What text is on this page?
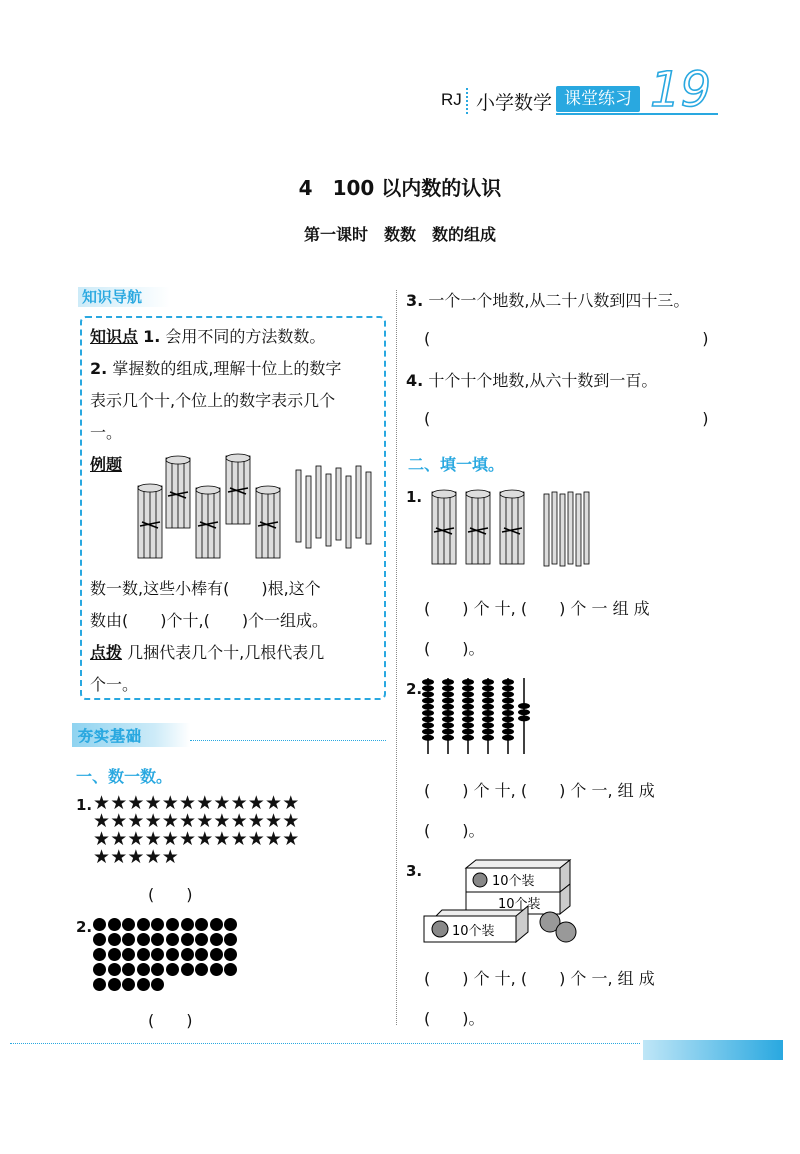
RJ 小学数学 课堂练习 19
4　100 以内数的认识
第一课时　数数　数的组成
知识导航
知识点 1. 会用不同的方法数数。
2. 掌握数的组成,理解十位上的数字
表示几个十,个位上的数字表示几个
一。
例题
数一数,这些小棒有(　　)根,这个
数由(　　)个十,(　　)个一组成。
点拨 几捆代表几个十,几根代表几
个一。
夯实基础
一、数一数。
1. ★ ★ ★ ★ ★ ★ ★ ★ ★ ★ ★ ★
★ ★ ★ ★ ★ ★ ★ ★ ★ ★ ★ ★
★ ★ ★ ★ ★ ★ ★ ★ ★ ★ ★ ★
★ ★ ★ ★ ★
(　　)
2.
(　　)
3. 一个一个地数,从二十八数到四十三。
(　　　　　　　　　　　　　　　　　)
4. 十个十个地数,从六十数到一百。
(　　　　　　　　　　　　　　　　　)
二、填一填。
1.
(　　) 个 十, (　　) 个 一 组 成
(　　)。
2.
(　　) 个 十, (　　) 个 一, 组 成
(　　)。
3.
10个装
10个装
10个装
(　　) 个 十, (　　) 个 一, 组 成
(　　)。
